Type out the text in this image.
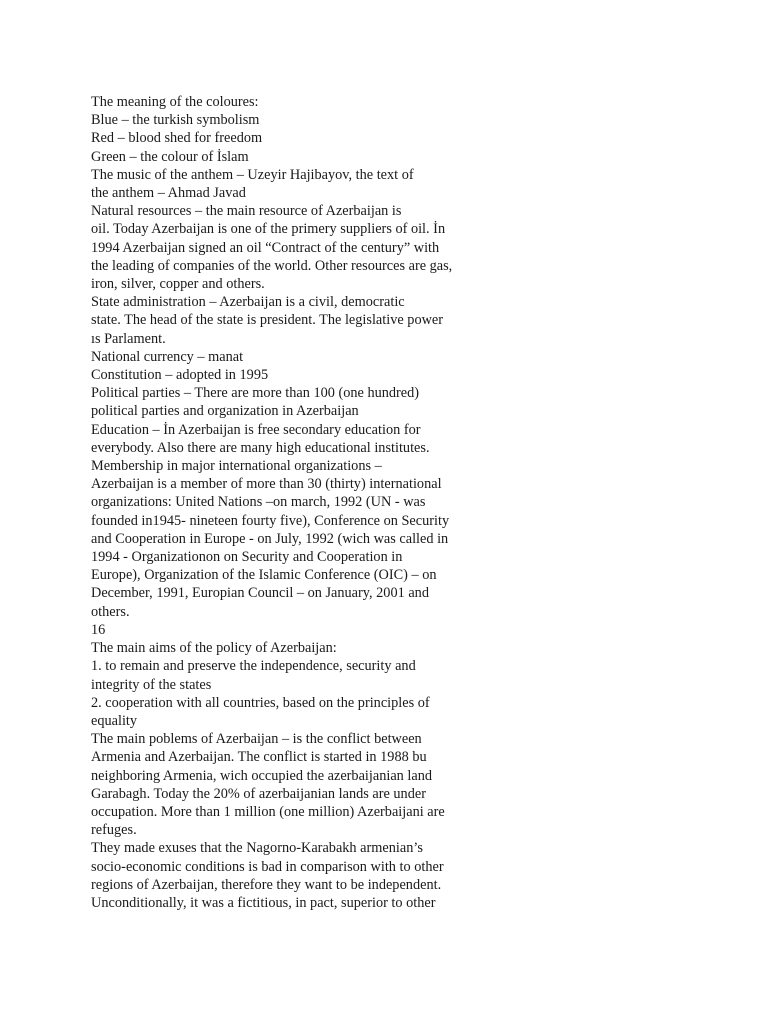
The meaning of the coloures:
Blue – the turkish symbolism
Red – blood shed for freedom
Green – the colour of İslam
The music of the anthem – Uzeyir Hajibayov, the text of
the anthem – Ahmad Javad
Natural resources – the main resource of Azerbaijan is
oil. Today Azerbaijan is one of the primery suppliers of oil. İn
1994 Azerbaijan signed an oil “Contract of the century” with
the leading of companies of the world. Other resources are gas,
iron, silver, copper and others.
State administration – Azerbaijan is a civil, democratic
state. The head of the state is president. The legislative power
ıs Parlament.
National currency – manat
Constitution – adopted in 1995
Political parties – There are more than 100 (one hundred)
political parties and organization in Azerbaijan
Education – İn Azerbaijan is free secondary education for
everybody. Also there are many high educational institutes.
Membership in major international organizations –
Azerbaijan is a member of more than 30 (thirty) international
organizations: United Nations –on march, 1992 (UN - was
founded in1945- nineteen fourty five), Conference on Security
and Cooperation in Europe - on July, 1992 (wich was called in
1994 - Organizationon on Security and Cooperation in
Europe), Organization of the Islamic Conference (OIC) – on
December, 1991, Europian Council – on January, 2001 and
others.
16
The main aims of the policy of Azerbaijan:
1. to remain and preserve the independence, security and
integrity of the states
2. cooperation with all countries, based on the principles of
equality
The main poblems of Azerbaijan – is the conflict between
Armenia and Azerbaijan. The conflict is started in 1988 bu
neighboring Armenia, wich occupied the azerbaijanian land
Garabagh. Today the 20% of azerbaijanian lands are under
occupation. More than 1 million (one million) Azerbaijani are
refuges.
They made exuses that the Nagorno-Karabakh armenian’s
socio-economic conditions is bad in comparison with to other
regions of Azerbaijan, therefore they want to be independent.
Unconditionally, it was a fictitious, in pact, superior to other
